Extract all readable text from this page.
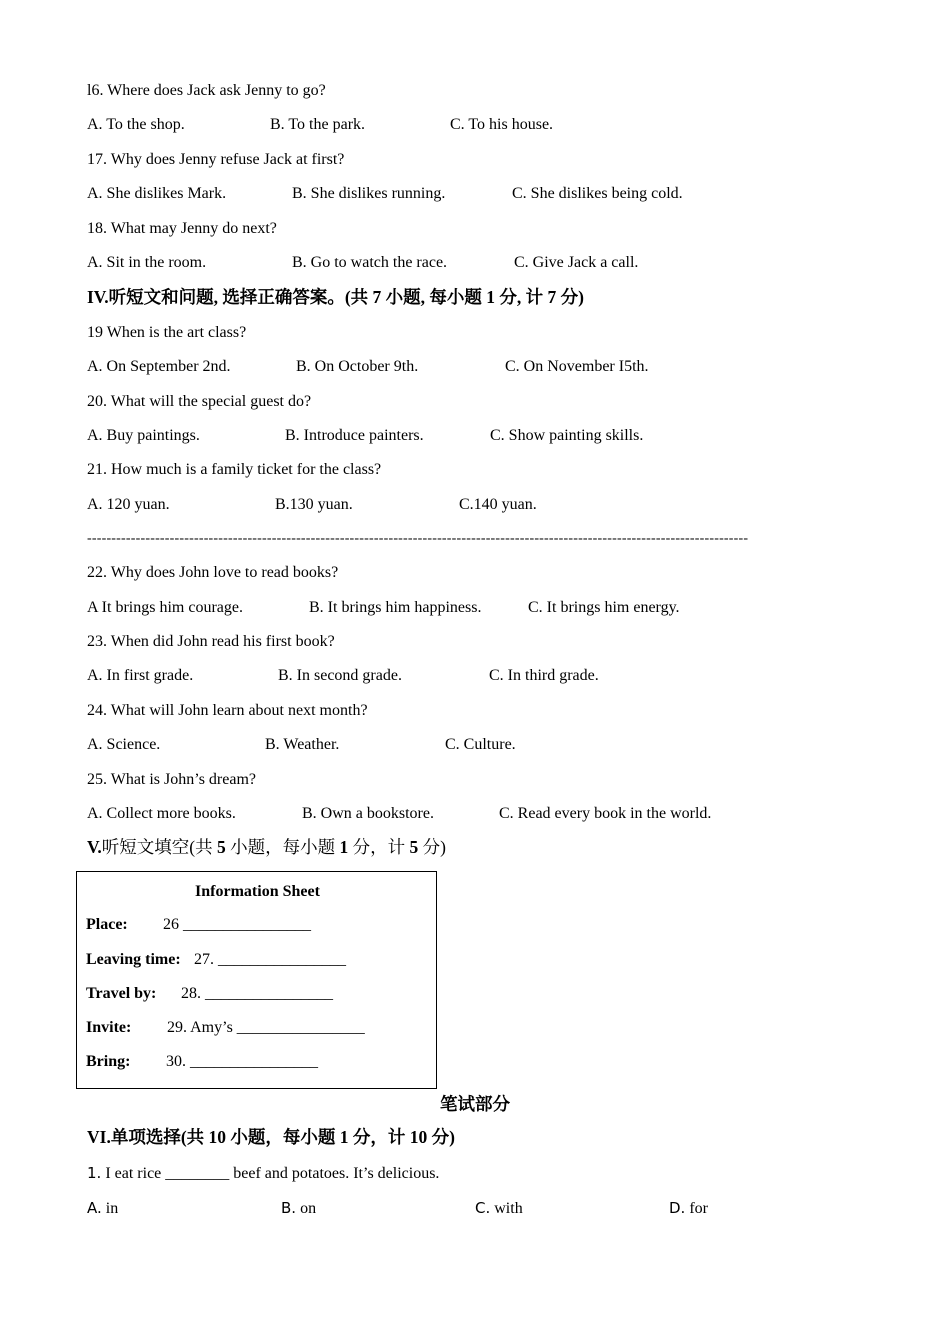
l6. Where does Jack ask Jenny to go?
A. To the shop.	B. To the park.	C. To his house.
17. Why does Jenny refuse Jack at first?
A. She dislikes Mark.	B. She dislikes running.	C. She dislikes being cold.
18. What may Jenny do next?
A. Sit in the room.	B. Go to watch the race.	C. Give Jack a call.
IV.听短文和问题, 选择正确答案。(共 7 小题, 每小题 1 分, 计 7 分)
19 When is the art class?
A. On September 2nd.	B. On October 9th.	C. On November I5th.
20. What will the special guest do?
A. Buy paintings.	B. Introduce painters.	C. Show painting skills.
21. How much is a family ticket for the class?
A. 120 yuan.	B.130 yuan.	C.140 yuan.
----------------------------------------------------------------------------------------------------------------------------------------
22. Why does John love to read books?
A It brings him courage.	B. It brings him happiness.	C. It brings him energy.
23. When did John read his first book?
A. In first grade.	B. In second grade.	C. In third grade.
24. What will John learn about next month?
A. Science.	B. Weather.	C. Culture.
25. What is John’s dream?
A. Collect more books.	B. Own a bookstore.	C. Read every book in the world.
V.听短文填空(共 5 小题，每小题 1 分，计 5 分)
Information Sheet
Place: 26 ________________
Leaving time: 27. ________________
Travel by: 28. ________________
Invite: 29. Amy’s ________________
Bring: 30. ________________
笔试部分
VI.单项选择(共 10 小题，每小题 1 分，计 10 分)
1. I eat rice ________ beef and potatoes. It’s delicious.
A. in	B. on	C. with	D. for
